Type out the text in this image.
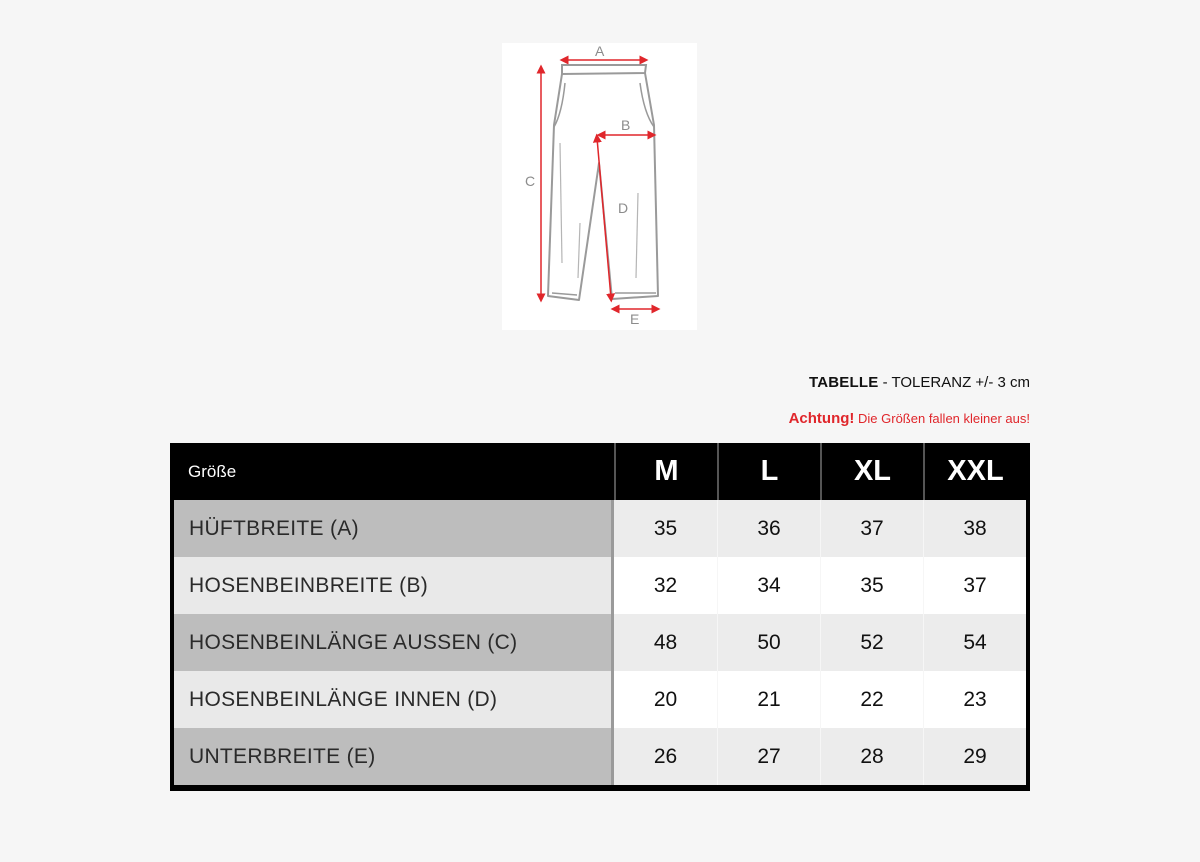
A
B
C
D
E
TABELLE - TOLERANZ +/- 3 cm
Achtung! Die Größen fallen kleiner aus!
Größe	M	L	XL	XXL
HÜFTBREITE (A)	35	36	37	38
HOSENBEINBREITE (B)	32	34	35	37
HOSENBEINLÄNGE AUSSEN (C)	48	50	52	54
HOSENBEINLÄNGE INNEN (D)	20	21	22	23
UNTERBREITE (E)	26	27	28	29
